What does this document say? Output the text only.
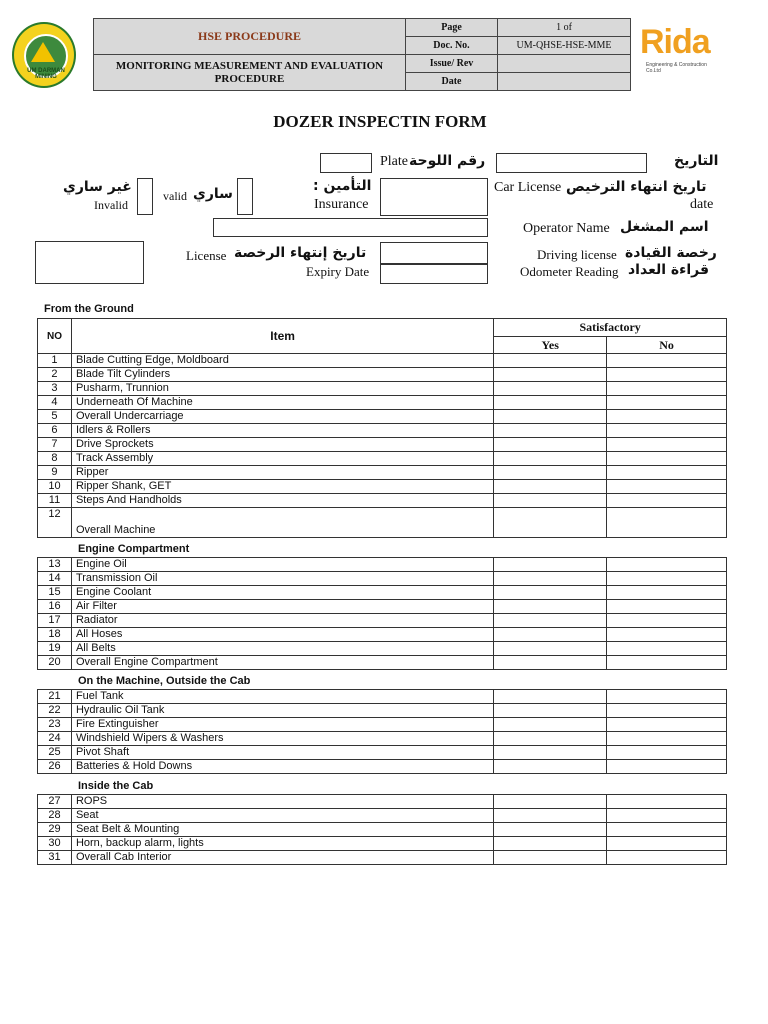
UM DARMAN MINING
Rida
Engineering & Construction Co.Ltd
HSE PROCEDURE	Page	1 of
	Doc. No.	UM-QHSE-HSE-MME

MONITORING MEASUREMENT AND EVALUATION PROCEDURE	Issue/ Rev	
	Date	
DOZER INSPECTIN FORM
التاريخ
رقم اللوحة
Plate
Car License تاريخ انتهاء الترخيص
date
التأمين :
Insurance
ساري
valid
غير ساري
Invalid
Operator Name اسم المشغل
License تاريخ إنتهاء الرخصة
Expiry Date
Driving license رخصة القيادة
Odometer Reading قراءة العداد
From the Ground
NO	Item	Satisfactory	
		Yes	No
1	Blade Cutting Edge, Moldboard		
2	Blade Tilt Cylinders		
3	Pusharm, Trunnion		
4	Underneath Of Machine		
5	Overall Undercarriage		
6	Idlers & Rollers		
7	Drive Sprockets		
8	Track Assembly		
9	Ripper		
10	Ripper Shank, GET		
11	Steps And Handholds		
12	Overall Machine		
Engine Compartment
13	Engine Oil		
14	Transmission Oil		
15	Engine Coolant		
16	Air Filter		
17	Radiator		
18	All Hoses		
19	All Belts		
20	Overall Engine Compartment		
On the Machine, Outside the Cab
21	Fuel Tank		
22	Hydraulic Oil Tank		
23	Fire Extinguisher		
24	Windshield Wipers & Washers		
25	Pivot Shaft		
26	Batteries & Hold Downs		
Inside the Cab
27	ROPS		
28	Seat		
29	Seat Belt & Mounting		
30	Horn, backup alarm, lights		
31	Overall Cab Interior		
